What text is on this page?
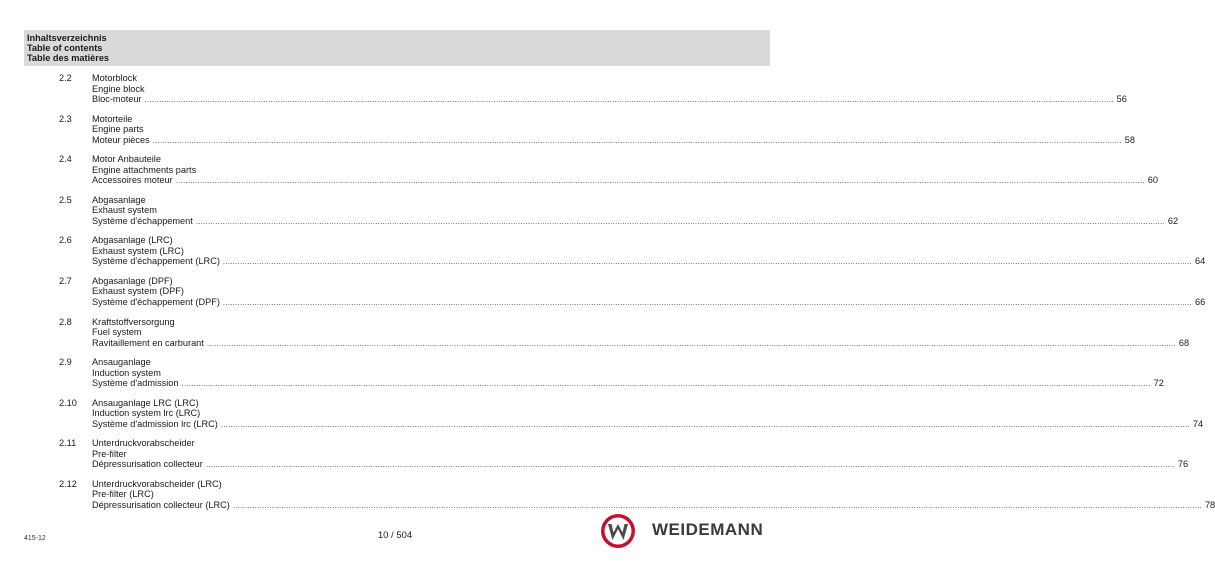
Inhaltsverzeichnis
Table of contents
Table des matières
2.2 Motorblock
Engine block
Bloc-moteur ................................................................................................................................................................................................................................................................................................................................................................................................................ 56
2.3 Motorteile
Engine parts
Moteur pièces ................................................................................................................................................................................................................................................................................................................................................................................................................ 58
2.4 Motor Anbauteile
Engine attachments parts
Accessoires moteur ................................................................................................................................................................................................................................................................................................................................................................................................................ 60
2.5 Abgasanlage
Exhaust system
Système d'échappement ................................................................................................................................................................................................................................................................................................................................................................................................................ 62
2.6 Abgasanlage (LRC)
Exhaust system (LRC)
Système d'échappement (LRC) ................................................................................................................................................................................................................................................................................................................................................................................................................ 64
2.7 Abgasanlage (DPF)
Exhaust system (DPF)
Système d'échappement (DPF) ................................................................................................................................................................................................................................................................................................................................................................................................................ 66
2.8 Kraftstoffversorgung
Fuel system
Ravitaillement en carburant ................................................................................................................................................................................................................................................................................................................................................................................................................ 68
2.9 Ansauganlage
Induction system
Système d'admission ................................................................................................................................................................................................................................................................................................................................................................................................................ 72
2.10 Ansauganlage LRC (LRC)
Induction system lrc (LRC)
Système d'admission lrc (LRC) ................................................................................................................................................................................................................................................................................................................................................................................................................ 74
2.11 Unterdruckvorabscheider
Pre-filter
Dépressurisation collecteur ................................................................................................................................................................................................................................................................................................................................................................................................................ 76
2.12 Unterdruckvorabscheider (LRC)
Pre-filter (LRC)
Dépressurisation collecteur (LRC) ................................................................................................................................................................................................................................................................................................................................................................................................................ 78
415-12	10 / 504	WEIDEMANN
